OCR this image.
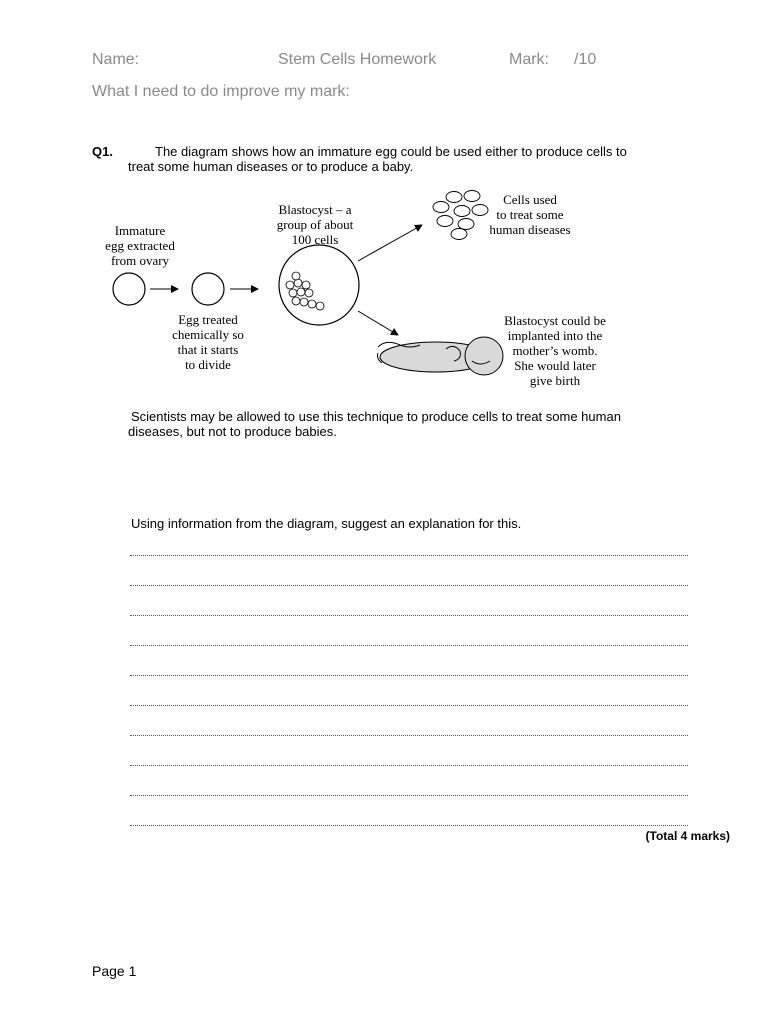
Name:	Stem Cells Homework	Mark: /10
What I need to do improve my mark:
Q1.	The diagram shows how an immature egg could be used either to produce cells to
treat some human diseases or to produce a baby.
Immature
egg extracted
from ovary
Egg treated
chemically so
that it starts
to divide
Blastocyst – a
group of about
100 cells
Cells used
to treat some
human diseases
Blastocyst could be
implanted into the
mother’s womb.
She would later
give birth
Scientists may be allowed to use this technique to produce cells to treat some human
diseases, but not to produce babies.
Using information from the diagram, suggest an explanation for this.
(Total 4 marks)
Page 1
